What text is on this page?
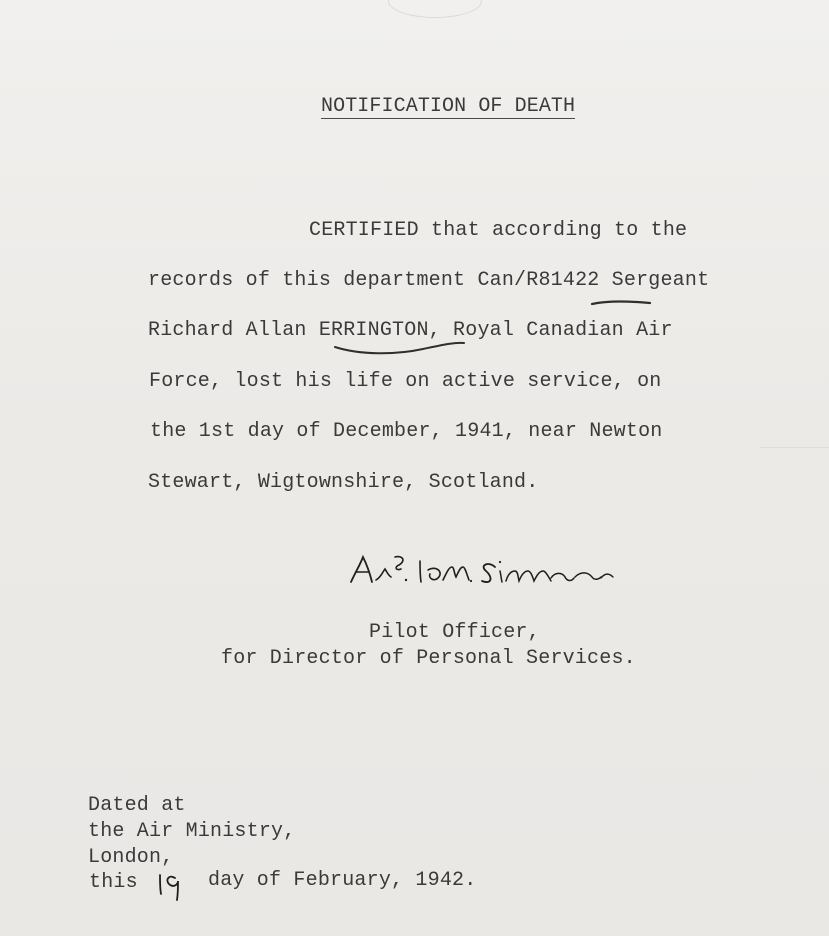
NOTIFICATION OF DEATH
CERTIFIED that according to the
records of this department Can/R81422 Sergeant
Richard Allan ERRINGTON, Royal Canadian Air
Force, lost his life on active service, on
the 1st day of December, 1941, near Newton
Stewart, Wigtownshire, Scotland.
Pilot Officer,
for Director of Personal Services.
Dated at
the Air Ministry,
London,
this	day of February, 1942.
